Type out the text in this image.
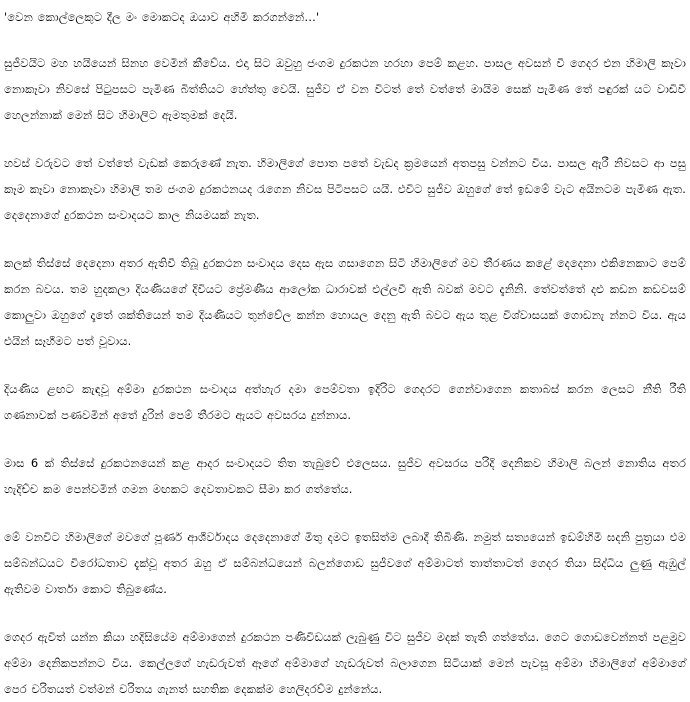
'වෙන කොල්ලෙකුට දීල මං මොකටද ඔයාව අහිමි කරගන්නේ…'

සුජීවයිට මහ හයියෙන් සිනහ වෙමින් කීවේය. එදා සිට ඔවුහු ජංගම දුරකථන හරහා පෙම් කළහ. පාසල අවසන් වී ගෙදර එන හිමාලි කෑවා නොකෑවා නිවසේ පිටුපසට පැමිණ බිත්තියට හේත්තු වෙයි. සුජීව ඒ වන විටත් තේ වත්තේ මායිම සෙක් පැමිණ තේ පඳුරක් යට වාඩිවී හෙලන්නාක් මෙන් සිට හිමාලිට ඇමතුමක් දෙයි.

හවස් වරුවට තේ වත්තේ වැඩක් කෙරුණේ නැත. හිමාලිගේ පොත පතේ වැඩද ක්‍රමයෙන් අතපසු වන්නට විය. පාසල ඇරී නිවසට ආ පසු කෑම කෑවා නොකෑවා හිමාලි තම ජංගම දුරකථනයද රැගෙන නිවස පිටිපසට යයි. එවිට සුජීව ඔහුගේ තේ ඉඩමේ වැට අයිනටම පැමිණ ඇත. දෙදෙනාගේ දුරකථන සංවාදයට කාල නියමයක් නැත.

කලක් තිස්සේ දෙදෙනා අතර ඇතිවී තිබූ දුරකථන සංවාදය දෙස ඇස ගසාගෙන සිටි හිමාලිගේ මව තීරණය කළේ දෙදෙනා එකිනෙකාට පෙම් කරන බවය. තම හුදකලා දියණියගේ දිවියට ප්‍රේමණීය ආලෝක ධාරාවක් එල්ලවී ඇති බවක් මවට දැනිනි. තේවත්තේ දළු කඩන කඩවසම් කොලුවා ඔහුගේ දෑතේ ශක්තියෙන් තම දියණියට තුන්වේල කන්න හොයල දෙනු ඇති බවට ඇය තුළ විශ්වාසයක් ගොඩනැ න්නට විය. ඇය එයින් සෑහීමට පත් වූවාය.

දියණිය ළඟට කැඳවූ අම්මා දුරකථන සංවාදය අත්හැර දමා පෙම්වතා ඉදිරිට ගෙදරට ගෙන්වාගෙන කතාබස් කරන ලෙසට නීති රීති ගණනාවක් පණවමින් අතේ දුරින් පෙම් තීරමට ඇයට අවසරය දුන්නාය.

මාස 6 ක් තිස්සේ දුරකථනයෙන් කළ ආදර සංවාදයට තිත තැබුවේ එලෙසය. සුජීව අවසරය පරිදි දෙනිකව හිමාලි බලන් නොතිය අතර හැදිච්ච කම පෙන්වමින් ගමන මඟකට දෙවතාවකට සීමා කර ගත්තේය.

මේ වනවිට හිමාලිගේ මවගේ පූර්ණ ආශීර්වාදය දෙදෙනාගේ මිතු දමට ඉතසිත්ම ලබාදී තිබිණි. නමුත් සත්‍යයෙන් ඉඩම්හිමි ඝදනි පුත්‍රයා එම සම්බන්ධයට විරෝධතාව දැක්වූ අතර ඔහු ඒ සම්බන්ධයෙන් බලන්ගොඩ සුජීවගේ අම්මාටත් තාත්තාටත් ගෙදර තියා සිද්ධිය ලුණු ඇඹුල් ඇතිවම වාර්තා කොට තිබුණේය.

ගෙදර ඇවිත් යන්න කියා හදිසියේම අම්මාගෙන් දුරකථන පණිවිඩයක් ලැබුණු විට සුජීව මදක් තැති ගත්තේය. ගෙට ගොඩවෙන්නත් පළමුව අම්මා දෙනිකපන්නට විය. කෙල්ලගේ හැඩරුවත් ඈගේ අම්මාගේ හැඩරුවත් බලාගෙන සිටියාක් මෙන් පැවසූ අම්මා හිමාලිගේ අම්මාගේ පෙර චරිතයත් වත්මන් චරිතය ගැනත් සහතික දෙකක්ම හෙලිදරව්ම දුන්නේය.
